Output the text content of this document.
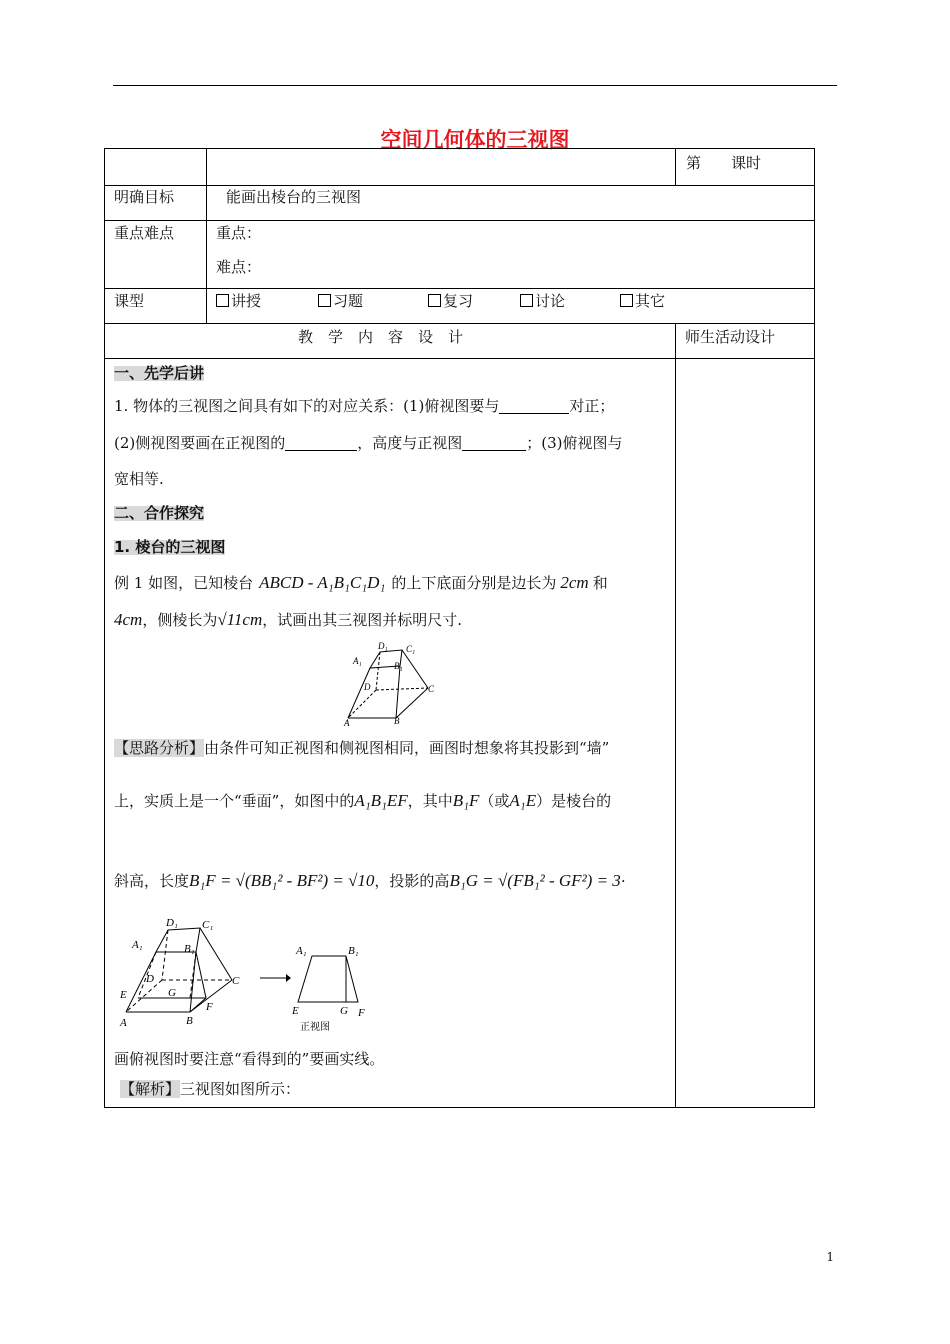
空间几何体的三视图
第　　课时
明确目标	能画出棱台的三视图
重点难点	重点：
难点：
课型	讲授	习题	复习	讨论	其它
教　学　内　容　设　计	师生活动设计
一、先学后讲
1. 物体的三视图之间具有如下的对应关系：(1)俯视图要与	对正；
(2)侧视图要画在正视图的	，高度与正视图	；(3)俯视图与
宽相等.
二、合作探究
1. 棱台的三视图
例 1 如图，已知棱台 ABCD - A₁B₁C₁D₁ 的上下底面分别是边长为 2cm 和
4cm，侧棱长为√11cm，试画出其三视图并标明尺寸.
D₁ C₁
A₁	B₁
D	C
A	B
【思路分析】由条件可知正视图和侧视图相同，画图时想象将其投影到“墙”
上，实质上是一个“垂面”，如图中的A₁B₁EF，其中B₁F（或A₁E）是棱台的
斜高，长度B₁F = √(BB₁² - BF²) = √10，投影的高B₁G = √(FB₁² - GF²) = 3·
D₁ C₁
A₁	B₁
D	C
G
E
F
A	B
A₁	B₁
E	G F
正视图
画俯视图时要注意“看得到的”要画实线。
【解析】三视图如图所示：
1
